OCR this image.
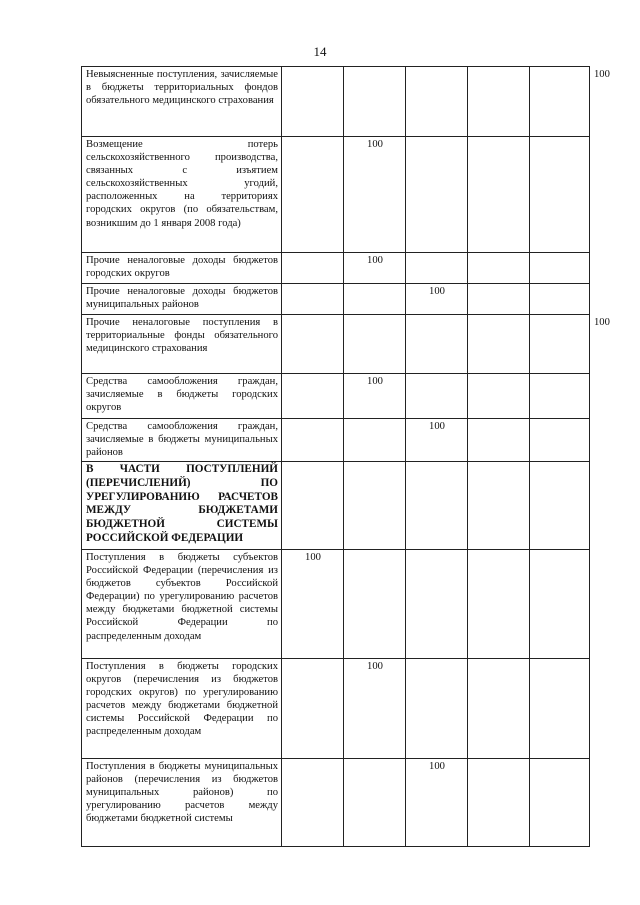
14
Невыясненные поступления, зачисляемые в бюджеты территориальных фондов обязательного медицинского страхования						100
Возмещение потерь сельскохозяйственного производства, связанных с изъятием сельскохозяйственных угодий, расположенных на территориях городских округов (по обязательствам, возникшим до 1 января 2008 года)		100				
Прочие неналоговые доходы бюджетов городских округов		100				
Прочие неналоговые доходы бюджетов муниципальных районов			100			
Прочие неналоговые поступления в территориальные фонды обязательного медицинского страхования						100
Средства самообложения граждан, зачисляемые в бюджеты городских округов		100				
Средства самообложения граждан, зачисляемые в бюджеты муниципальных районов			100			
В ЧАСТИ ПОСТУПЛЕНИЙ (ПЕРЕЧИСЛЕНИЙ) ПО УРЕГУЛИРОВАНИЮ РАСЧЕТОВ МЕЖДУ БЮДЖЕТАМИ БЮДЖЕТНОЙ СИСТЕМЫ РОССИЙСКОЙ ФЕДЕРАЦИИ						
Поступления в бюджеты субъектов Российской Федерации (перечисления из бюджетов субъектов Российской Федерации) по урегулированию расчетов между бюджетами бюджетной системы Российской Федерации по распределенным доходам	100					
Поступления в бюджеты городских округов (перечисления из бюджетов городских округов) по урегулированию расчетов между бюджетами бюджетной системы Российской Федерации по распределенным доходам		100				
Поступления в бюджеты муниципальных районов (перечисления из бюджетов муниципальных районов) по урегулированию расчетов между бюджетами бюджетной системы			100			
